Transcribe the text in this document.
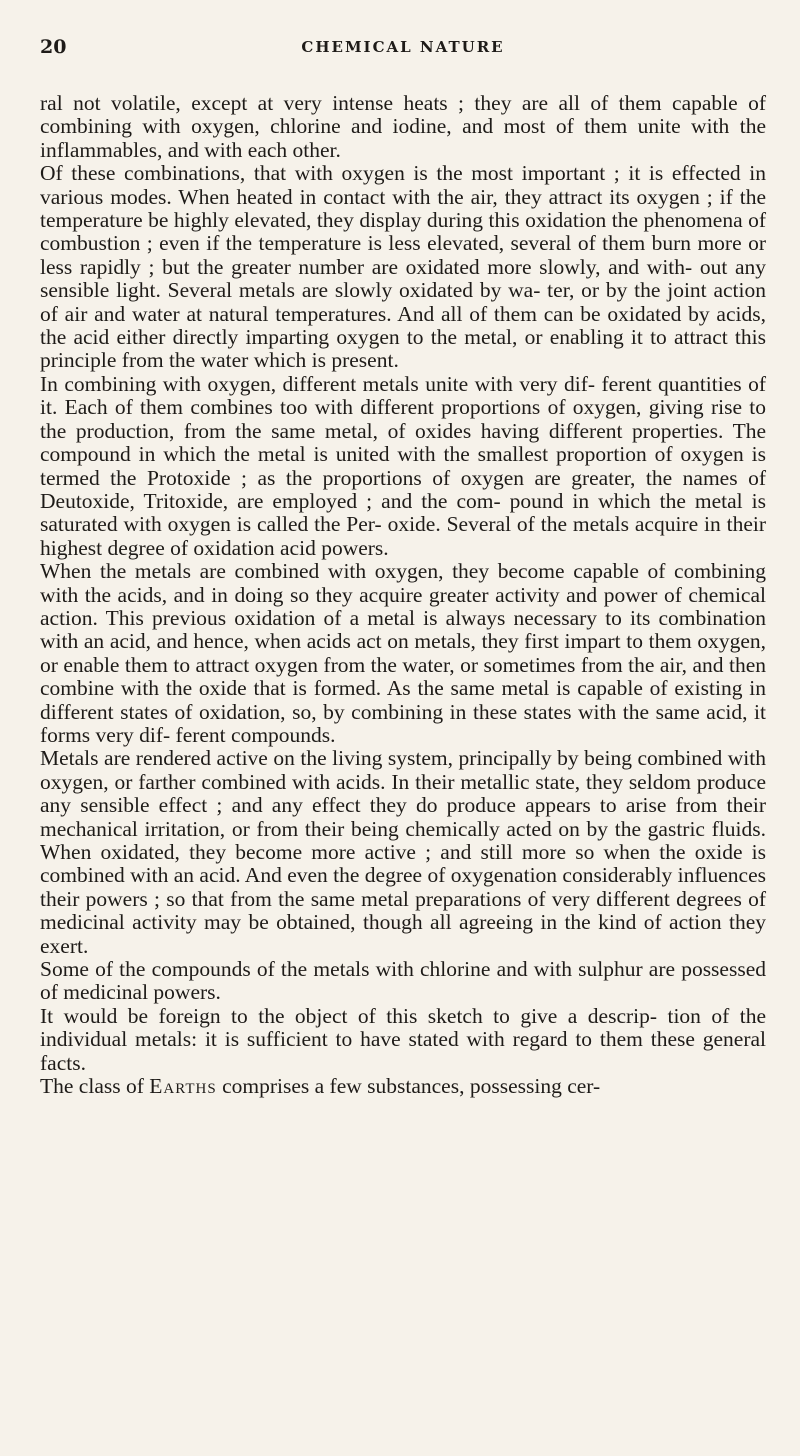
20	CHEMICAL NATURE

ral not volatile, except at very intense heats ; they are all of them capable of combining with oxygen, chlorine and iodine, and most of them unite with the inflammables, and with each other.

Of these combinations, that with oxygen is the most important ; it is effected in various modes. When heated in contact with the air, they attract its oxygen ; if the temperature be highly elevated, they display during this oxidation the phenomena of combustion ; even if the temperature is less elevated, several of them burn more or less rapidly ; but the greater number are oxidated more slowly, and with- out any sensible light. Several metals are slowly oxidated by wa- ter, or by the joint action of air and water at natural temperatures. And all of them can be oxidated by acids, the acid either directly imparting oxygen to the metal, or enabling it to attract this principle from the water which is present.

In combining with oxygen, different metals unite with very dif- ferent quantities of it. Each of them combines too with different proportions of oxygen, giving rise to the production, from the same metal, of oxides having different properties. The compound in which the metal is united with the smallest proportion of oxygen is termed the Protoxide ; as the proportions of oxygen are greater, the names of Deutoxide, Tritoxide, are employed ; and the com- pound in which the metal is saturated with oxygen is called the Per- oxide. Several of the metals acquire in their highest degree of oxidation acid powers.

When the metals are combined with oxygen, they become capable of combining with the acids, and in doing so they acquire greater activity and power of chemical action. This previous oxidation of a metal is always necessary to its combination with an acid, and hence, when acids act on metals, they first impart to them oxygen, or enable them to attract oxygen from the water, or sometimes from the air, and then combine with the oxide that is formed. As the same metal is capable of existing in different states of oxidation, so, by combining in these states with the same acid, it forms very dif- ferent compounds.

Metals are rendered active on the living system, principally by being combined with oxygen, or farther combined with acids. In their metallic state, they seldom produce any sensible effect ; and any effect they do produce appears to arise from their mechanical irritation, or from their being chemically acted on by the gastric fluids. When oxidated, they become more active ; and still more so when the oxide is combined with an acid. And even the degree of oxygenation considerably influences their powers ; so that from the same metal preparations of very different degrees of medicinal activity may be obtained, though all agreeing in the kind of action they exert.

Some of the compounds of the metals with chlorine and with sulphur are possessed of medicinal powers.

It would be foreign to the object of this sketch to give a descrip- tion of the individual metals: it is sufficient to have stated with regard to them these general facts.

The class of Earths comprises a few substances, possessing cer-
